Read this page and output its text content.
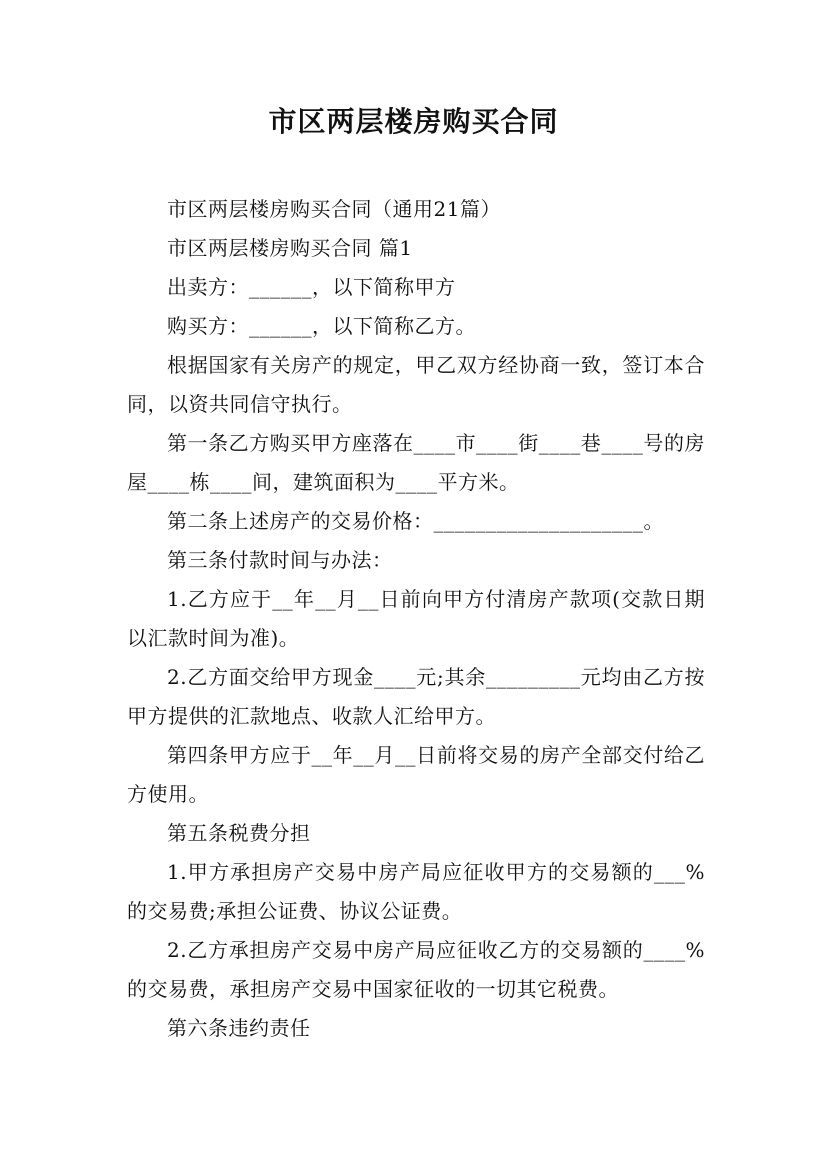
市区两层楼房购买合同

市区两层楼房购买合同（通用21篇）

市区两层楼房购买合同 篇1

出卖方：______，以下简称甲方

购买方：______，以下简称乙方。

根据国家有关房产的规定，甲乙双方经协商一致，签订本合同，以资共同信守执行。

第一条乙方购买甲方座落在____市____街____巷____号的房屋____栋____间，建筑面积为____平方米。

第二条上述房产的交易价格：____________________。

第三条付款时间与办法：

1.乙方应于__年__月__日前向甲方付清房产款项(交款日期以汇款时间为准)。

2.乙方面交给甲方现金____元;其余_________元均由乙方按甲方提供的汇款地点、收款人汇给甲方。

第四条甲方应于__年__月__日前将交易的房产全部交付给乙方使用。

第五条税费分担

1.甲方承担房产交易中房产局应征收甲方的交易额的___%的交易费;承担公证费、协议公证费。

2.乙方承担房产交易中房产局应征收乙方的交易额的____%的交易费，承担房产交易中国家征收的一切其它税费。

第六条违约责任
